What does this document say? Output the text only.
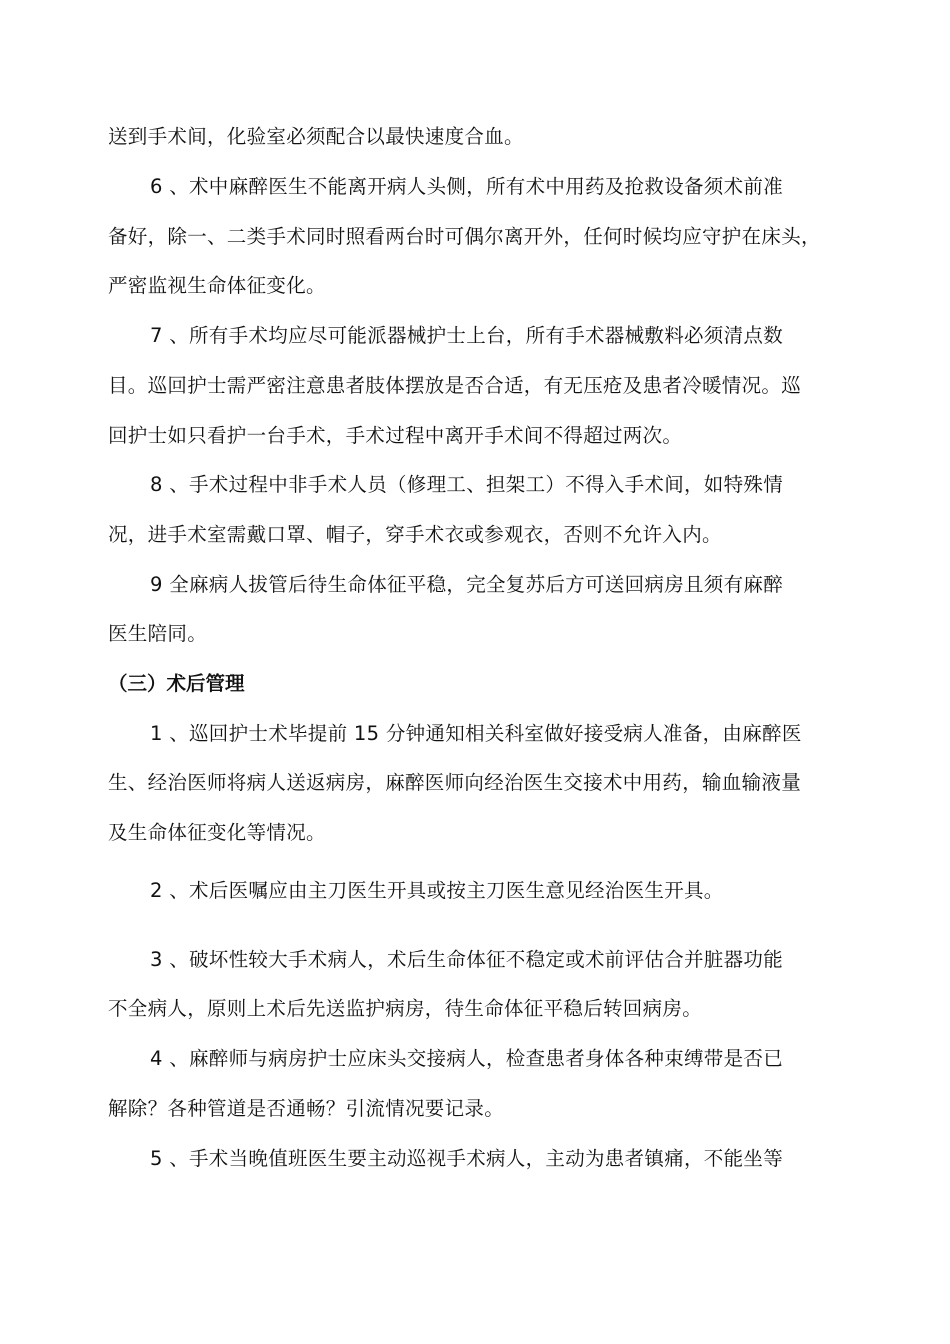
送到手术间，化验室必须配合以最快速度合血。
6 、术中麻醉医生不能离开病人头侧，所有术中用药及抢救设备须术前准
备好，除一、二类手术同时照看两台时可偶尔离开外，任何时候均应守护在床头，
严密监视生命体征变化。
7 、所有手术均应尽可能派器械护士上台，所有手术器械敷料必须清点数
目。巡回护士需严密注意患者肢体摆放是否合适，有无压疮及患者冷暖情况。巡
回护士如只看护一台手术，手术过程中离开手术间不得超过两次。
8 、手术过程中非手术人员（修理工、担架工）不得入手术间，如特殊情
况，进手术室需戴口罩、帽子，穿手术衣或参观衣，否则不允许入内。
9 全麻病人拔管后待生命体征平稳，完全复苏后方可送回病房且须有麻醉
医生陪同。
（三）术后管理
1 、巡回护士术毕提前 15 分钟通知相关科室做好接受病人准备，由麻醉医
生、经治医师将病人送返病房，麻醉医师向经治医生交接术中用药，输血输液量
及生命体征变化等情况。
2 、术后医嘱应由主刀医生开具或按主刀医生意见经治医生开具。
3 、破坏性较大手术病人，术后生命体征不稳定或术前评估合并脏器功能
不全病人，原则上术后先送监护病房，待生命体征平稳后转回病房。
4 、麻醉师与病房护士应床头交接病人，检查患者身体各种束缚带是否已
解除？各种管道是否通畅？引流情况要记录。
5 、手术当晚值班医生要主动巡视手术病人，主动为患者镇痛，不能坐等
